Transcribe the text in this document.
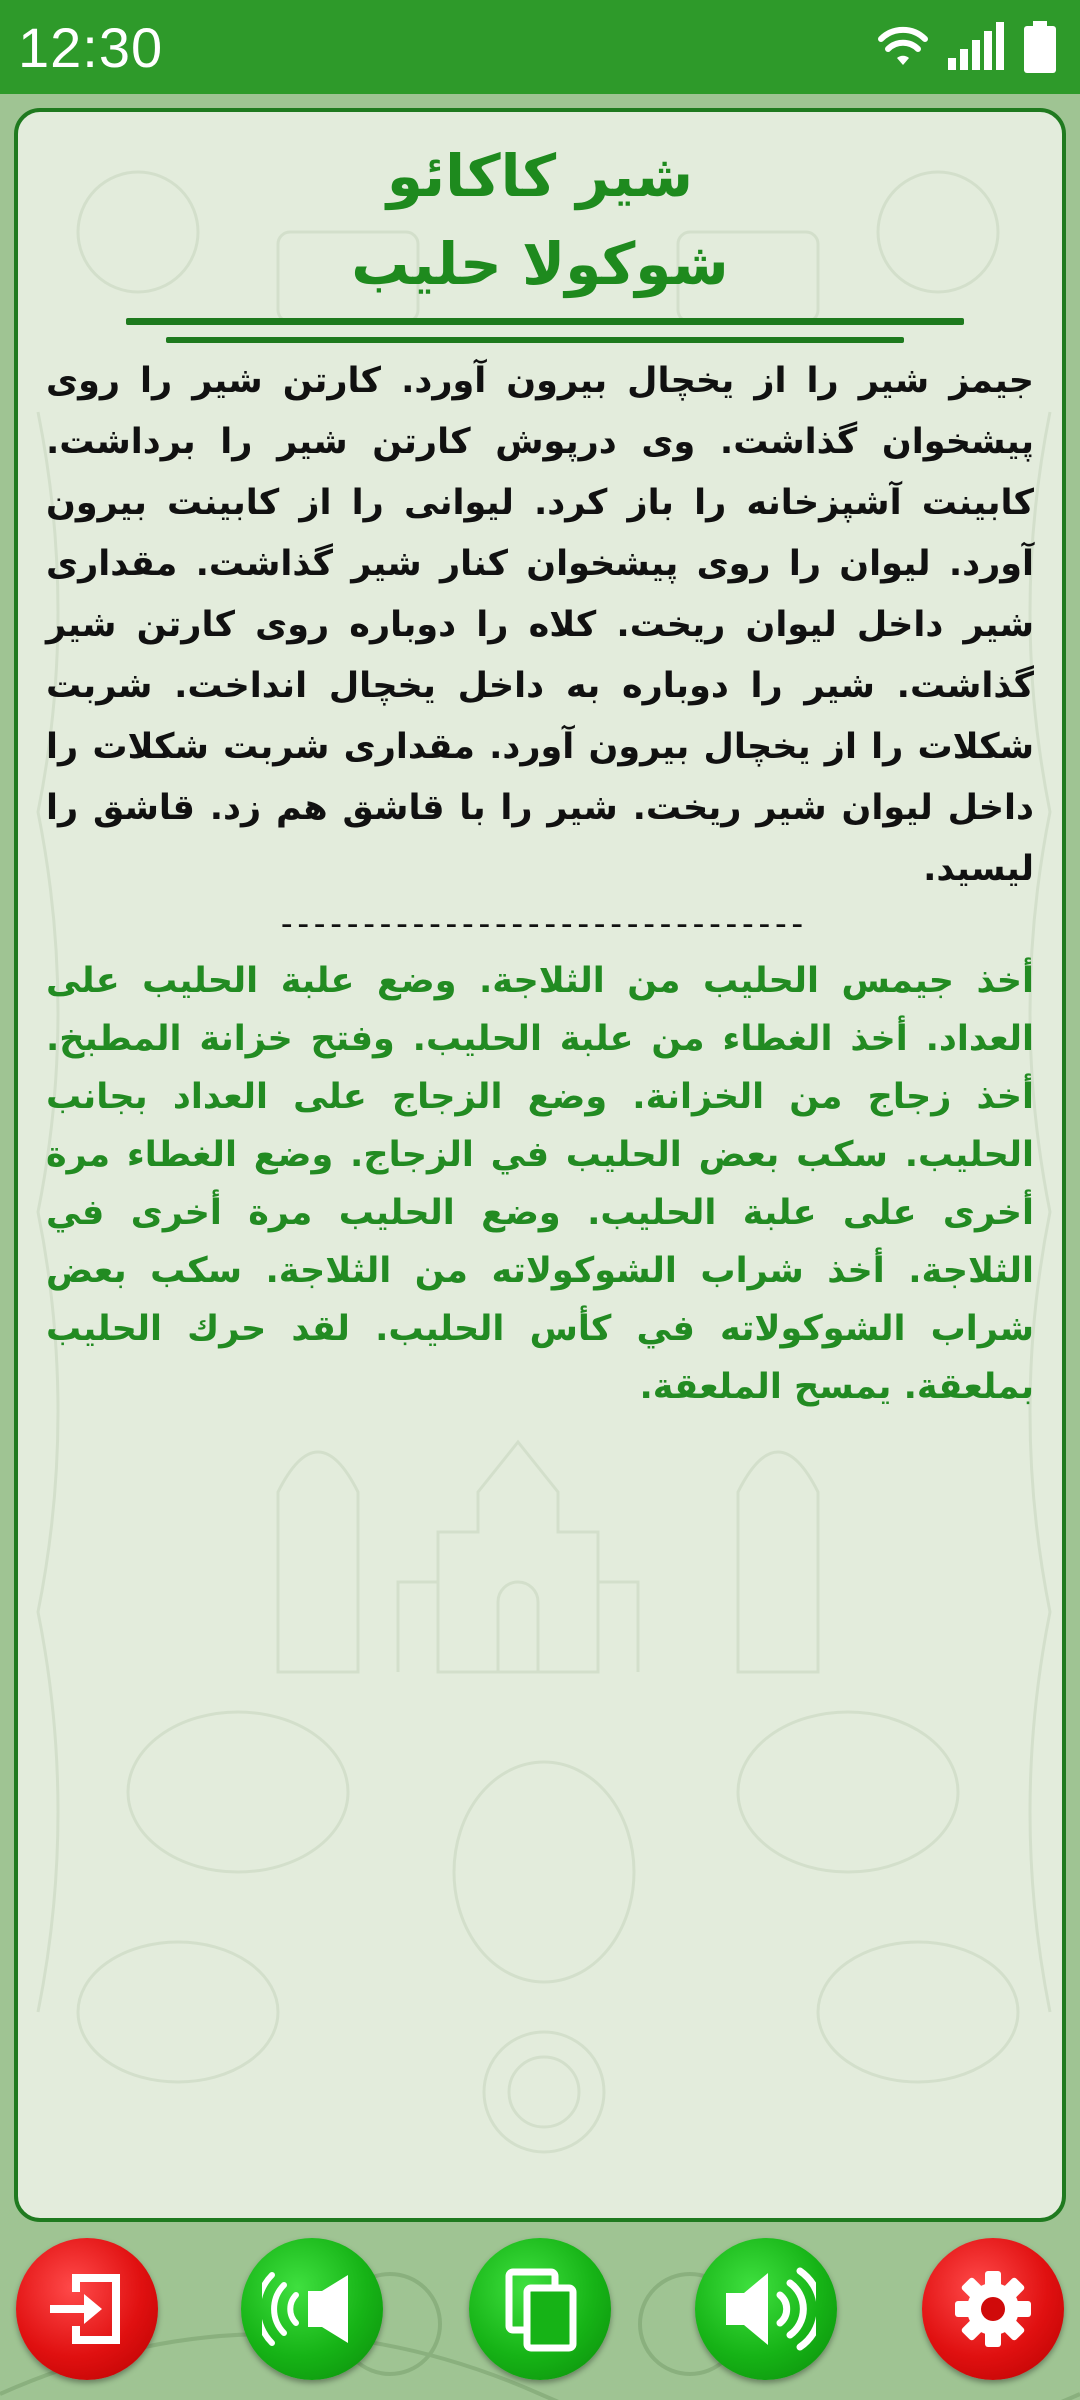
12:30
شیر کاکائو
شوكولا حليب

جیمز شیر را از یخچال بیرون آورد. کارتن شیر را روی پیشخوان گذاشت. وی درپوش کارتن شیر را برداشت. کابینت آشپزخانه را باز کرد. لیوانی را از کابینت بیرون آورد. لیوان را روی پیشخوان کنار شیر گذاشت. مقداری شیر داخل لیوان ریخت. کلاه را دوباره روی کارتن شیر گذاشت. شیر را دوباره به داخل یخچال انداخت. شربت شکلات را از یخچال بیرون آورد. مقداری شربت شکلات را داخل لیوان شیر ریخت. شیر را با قاشق هم زد. قاشق را لیسید.

--------------------------------

أخذ جيمس الحليب من الثلاجة. وضع علبة الحليب على العداد. أخذ الغطاء من علبة الحليب. وفتح خزانة المطبخ. أخذ زجاج من الخزانة. وضع الزجاج على العداد بجانب الحليب. سكب بعض الحليب في الزجاج. وضع الغطاء مرة أخرى على علبة الحليب. وضع الحليب مرة أخرى في الثلاجة. أخذ شراب الشوكولاته من الثلاجة. سكب بعض شراب الشوكولاته في كأس الحليب. لقد حرك الحليب بملعقة. يمسح الملعقة.
